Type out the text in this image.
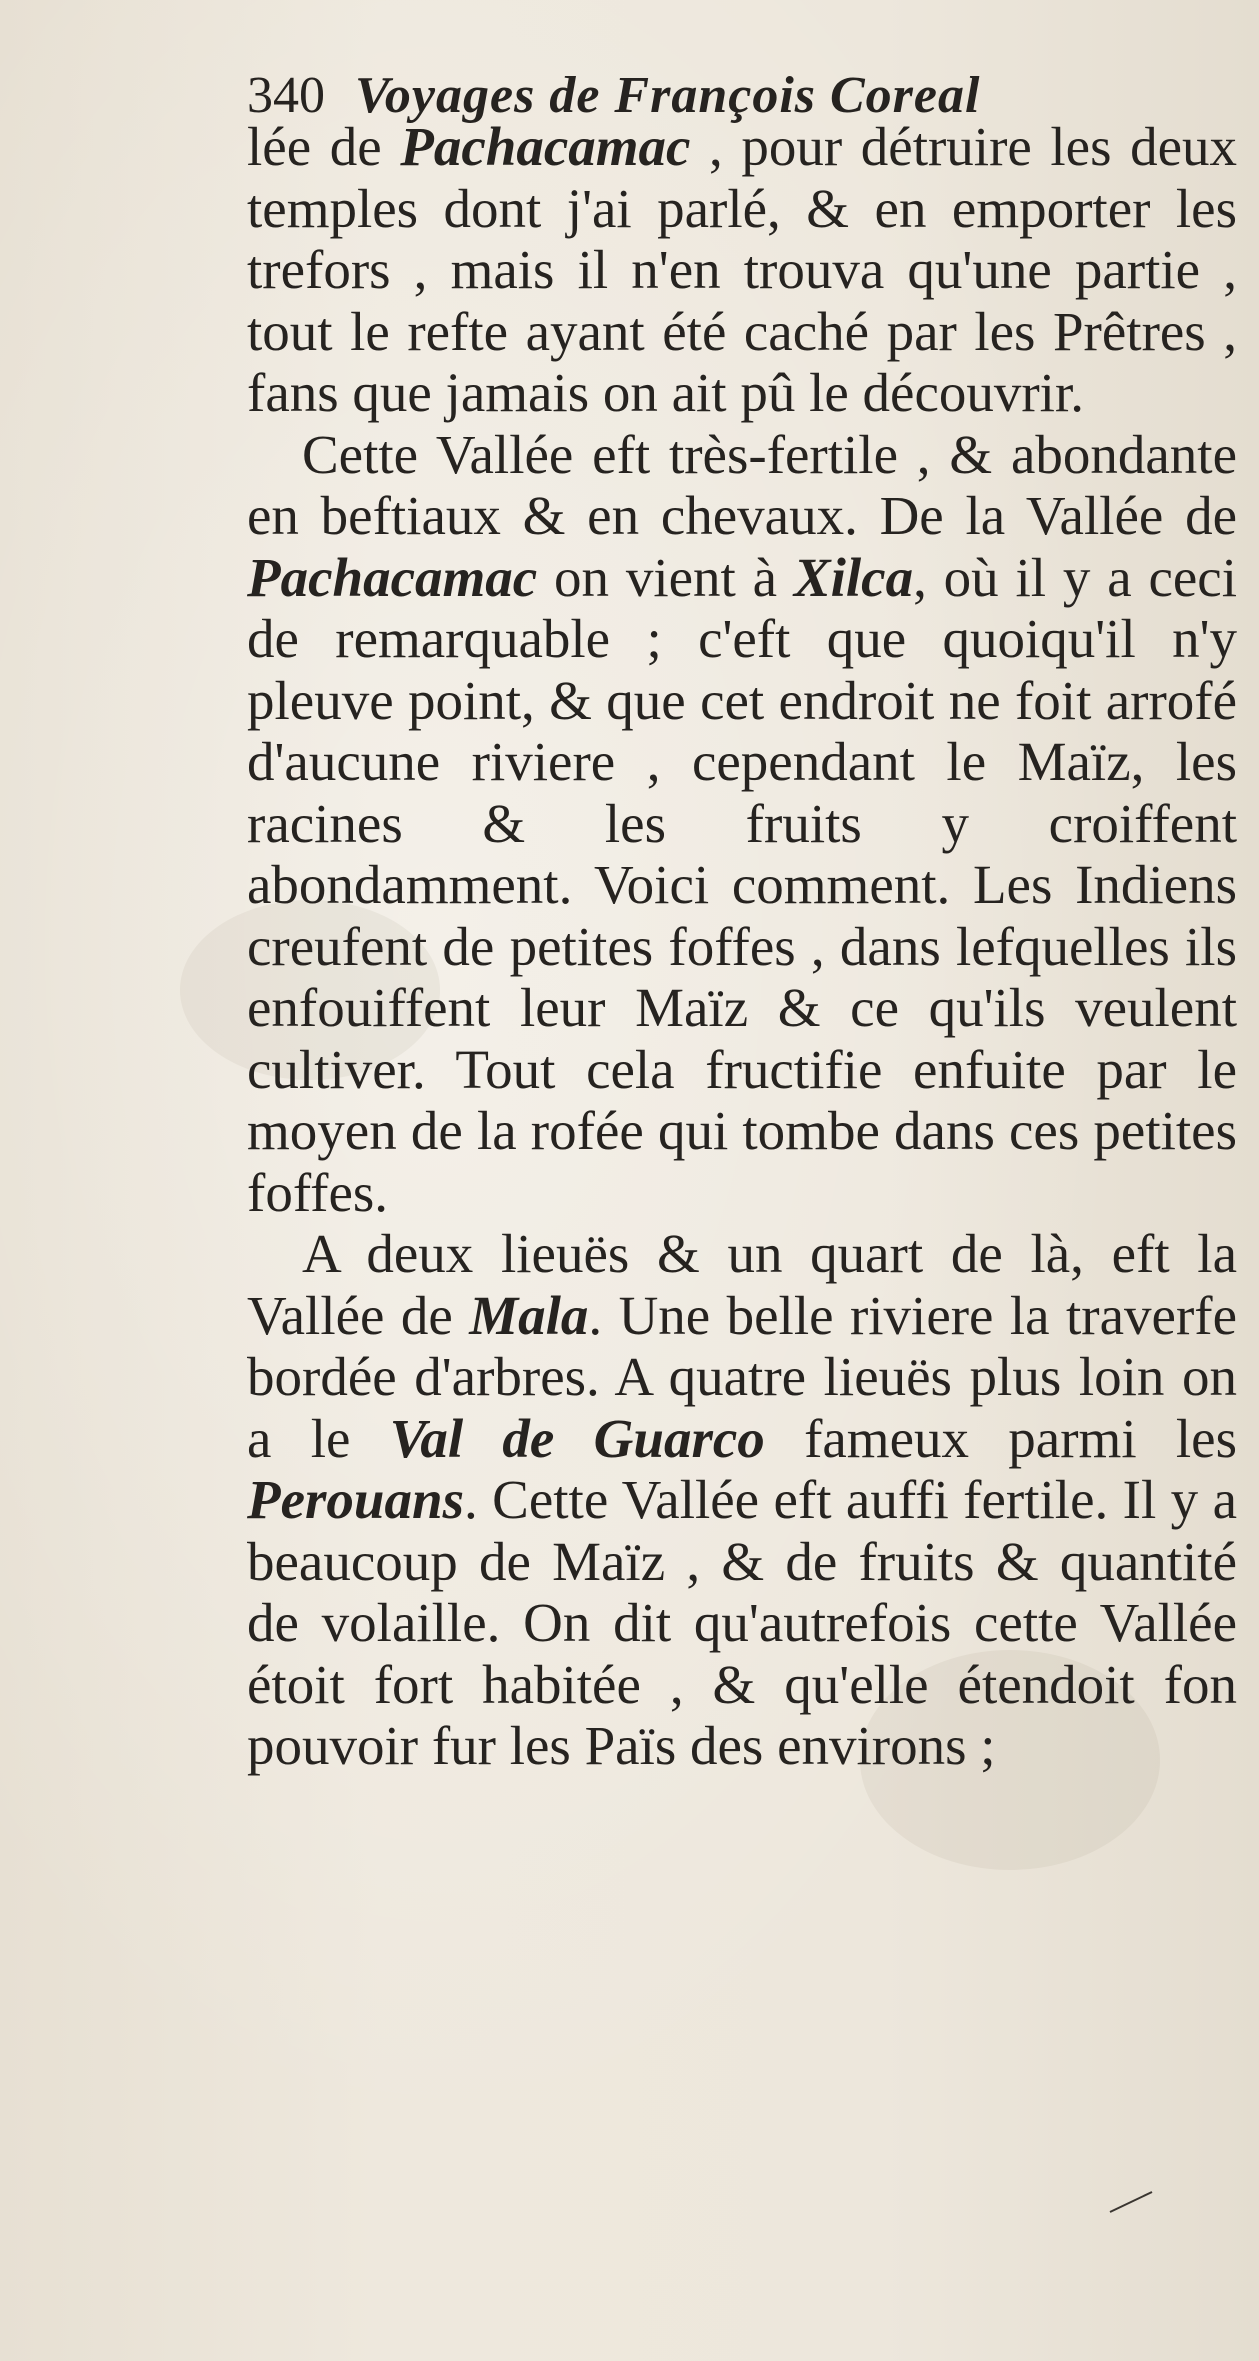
340 Voyages de François Coreal

lée de Pachacamac , pour détruire les deux temples dont j'ai parlé, & en emporter les trefors , mais il n'en trouva qu'une partie , tout le refte ayant été caché par les Prêtres , fans que jamais on ait pû le découvrir.

Cette Vallée eft très-fertile , & abondante en beftiaux & en chevaux. De la Vallée de Pachacamac on vient à Xilca, où il y a ceci de remarquable ; c'eft que quoiqu'il n'y pleuve point, & que cet endroit ne foit arrofé d'aucune riviere , cependant le Maïz, les racines & les fruits y croiffent abondamment. Voici comment. Les Indiens creufent de petites foffes , dans lefquelles ils enfouiffent leur Maïz & ce qu'ils veulent cultiver. Tout cela fructifie enfuite par le moyen de la rofée qui tombe dans ces petites foffes.

A deux lieuës & un quart de là, eft la Vallée de Mala. Une belle riviere la traverfe bordée d'arbres. A quatre lieuës plus loin on a le Val de Guarco fameux parmi les Perouans. Cette Vallée eft auffi fertile. Il y a beaucoup de Maïz , & de fruits & quantité de volaille. On dit qu'autrefois cette Vallée étoit fort habitée , & qu'elle étendoit fon pouvoir fur les Païs des environs ;
